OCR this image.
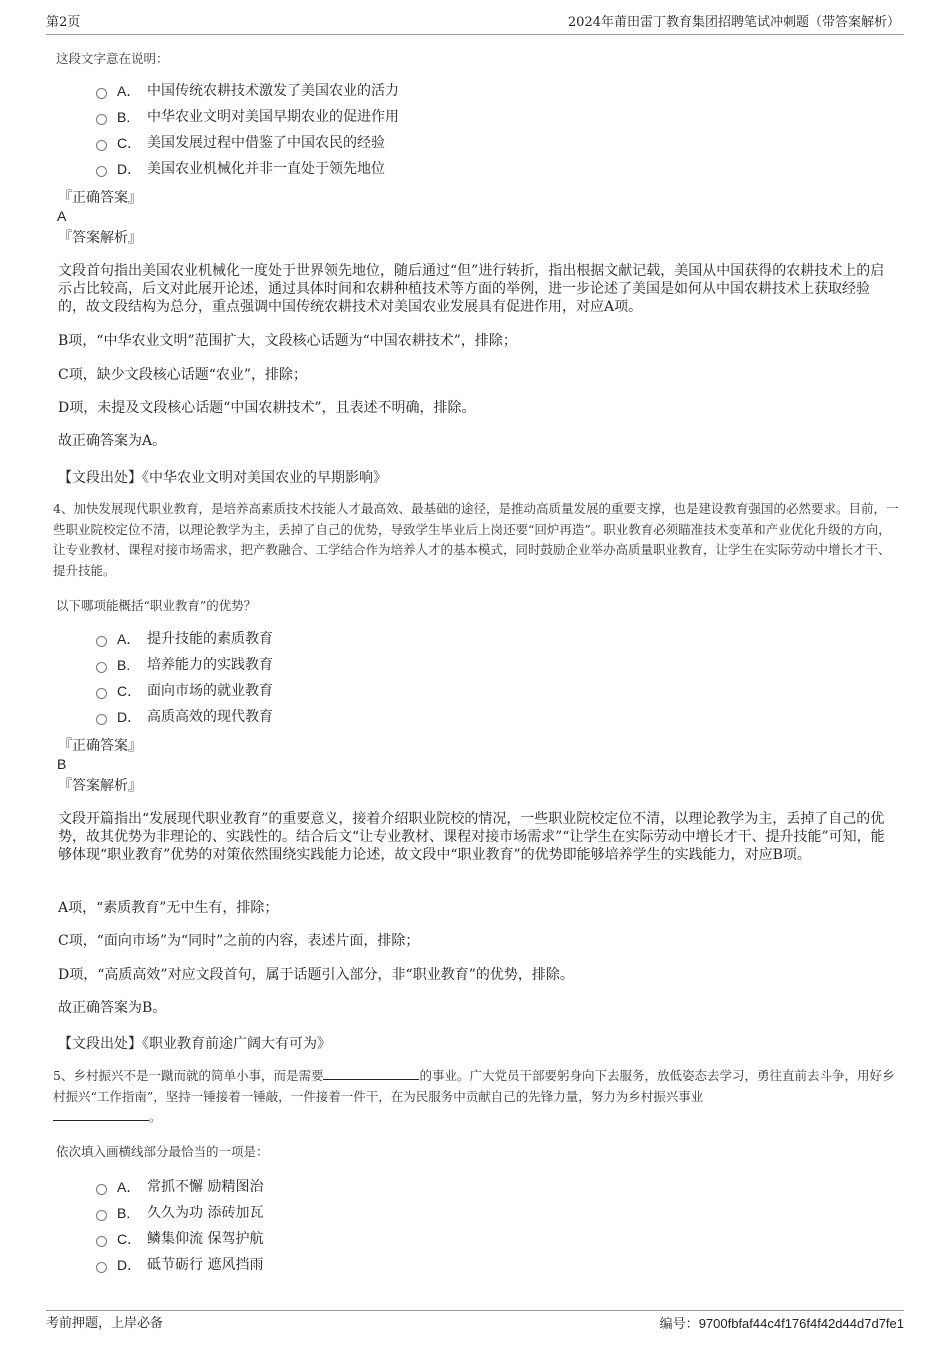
第2页	2024年莆田雷丁教育集团招聘笔试冲刺题（带答案解析）
这段文字意在说明：
A． 中国传统农耕技术激发了美国农业的活力
B.	中华农业文明对美国早期农业的促进作用
C． 美国发展过程中借鉴了中国农民的经验
D． 美国农业机械化并非一直处于领先地位
『正确答案』
A
『答案解析』
文段首句指出美国农业机械化一度处于世界领先地位，随后通过“但”进行转折，指出根据文献记载，美国从中国获得的农耕技术上的启示占比较高，后文对此展开论述，通过具体时间和农耕种植技术等方面的举例，进一步论述了美国是如何从中国农耕技术上获取经验的，故文段结构为总分，重点强调中国传统农耕技术对美国农业发展具有促进作用，对应A项。
B项，“中华农业文明”范围扩大，文段核心话题为“中国农耕技术”，排除；
C项，缺少文段核心话题“农业”，排除；
D项，未提及文段核心话题“中国农耕技术”，且表述不明确，排除。
故正确答案为A。
【文段出处】《中华农业文明对美国农业的早期影响》
4、加快发展现代职业教育，是培养高素质技术技能人才最高效、最基础的途径，是推动高质量发展的重要支撑，也是建设教育强国的必然要求。目前，一些职业院校定位不清，以理论教学为主，丢掉了自己的优势，导致学生毕业后上岗还要“回炉再造”。职业教育必须瞄准技术变革和产业优化升级的方向，让专业教材、课程对接市场需求，把产教融合、工学结合作为培养人才的基本模式，同时鼓励企业举办高质量职业教育，让学生在实际劳动中增长才干、提升技能。
以下哪项能概括“职业教育”的优势？
A． 提升技能的素质教育
B.	培养能力的实践教育
C． 面向市场的就业教育
D． 高质高效的现代教育
『正确答案』
B
『答案解析』
文段开篇指出“发展现代职业教育”的重要意义，接着介绍职业院校的情况，一些职业院校定位不清，以理论教学为主，丢掉了自己的优势，故其优势为非理论的、实践性的。结合后文“让专业教材、课程对接市场需求”“让学生在实际劳动中增长才干、提升技能”可知，能够体现“职业教育”优势的对策依然围绕实践能力论述，故文段中“职业教育”的优势即能够培养学生的实践能力，对应B项。
A项，“素质教育”无中生有，排除；
C项，“面向市场”为“同时”之前的内容，表述片面，排除；
D项，“高质高效”对应文段首句，属于话题引入部分，非“职业教育”的优势，排除。
故正确答案为B。
【文段出处】《职业教育前途广阔大有可为》
5、乡村振兴不是一蹴而就的简单小事，而是需要	的事业。广大党员干部要躬身向下去服务，放低姿态去学习，勇往直前去斗争，用好乡村振兴“工作指南”，坚持一锤接着一锤敲，一件接着一件干，在为民服务中贡献自己的先锋力量，努力为乡村振兴事业
。
依次填入画横线部分最恰当的一项是：
A． 常抓不懈 励精图治
B.	久久为功 添砖加瓦
C． 鳞集仰流 保驾护航
D． 砥节砺行 遮风挡雨
考前押题，上岸必备	编号：9700fbfaf44c4f176f4f42d44d7d7fe1
